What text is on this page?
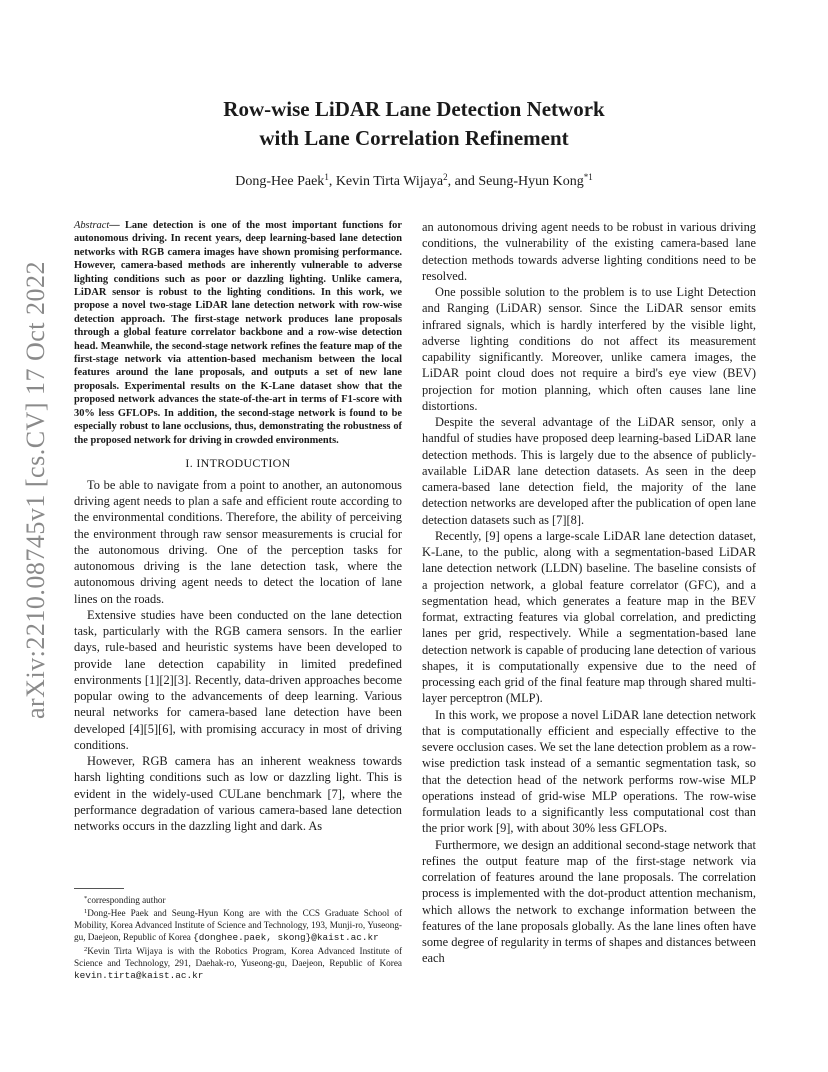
arXiv:2210.08745v1 [cs.CV] 17 Oct 2022
Row-wise LiDAR Lane Detection Network
with Lane Correlation Refinement
Dong-Hee Paek$^1$, Kevin Tirta Wijaya$^2$, and Seung-Hyun Kong$^{*1}$

Abstract— Lane detection is one of the most important functions for autonomous driving. In recent years, deep learning-based lane detection networks with RGB camera images have shown promising performance. However, camera-based methods are inherently vulnerable to adverse lighting conditions such as poor or dazzling lighting. Unlike camera, LiDAR sensor is robust to the lighting conditions. In this work, we propose a novel two-stage LiDAR lane detection network with row-wise detection approach. The first-stage network produces lane proposals through a global feature correlator backbone and a row-wise detection head. Meanwhile, the second-stage network refines the feature map of the first-stage network via attention-based mechanism between the local features around the lane proposals, and outputs a set of new lane proposals. Experimental results on the K-Lane dataset show that the proposed network advances the state-of-the-art in terms of F1-score with 30% less GFLOPs. In addition, the second-stage network is found to be especially robust to lane occlusions, thus, demonstrating the robustness of the proposed network for driving in crowded environments.

I. INTRODUCTION

To be able to navigate from a point to another, an autonomous driving agent needs to plan a safe and efficient route according to the environmental conditions. Therefore, the ability of perceiving the environment through raw sensor measurements is crucial for the autonomous driving. One of the perception tasks for autonomous driving is the lane detection task, where the autonomous driving agent needs to detect the location of lane lines on the roads.

Extensive studies have been conducted on the lane detection task, particularly with the RGB camera sensors. In the earlier days, rule-based and heuristic systems have been developed to provide lane detection capability in limited predefined environments [1][2][3]. Recently, data-driven approaches become popular owing to the advancements of deep learning. Various neural networks for camera-based lane detection have been developed [4][5][6], with promising accuracy in most of driving conditions.

However, RGB camera has an inherent weakness towards harsh lighting conditions such as low or dazzling light. This is evident in the widely-used CULane benchmark [7], where the performance degradation of various camera-based lane detection networks occurs in the dazzling light and dark. As

*corresponding author

$^1$Dong-Hee Paek and Seung-Hyun Kong are with the CCS Graduate School of Mobility, Korea Advanced Institute of Science and Technology, 193, Munji-ro, Yuseong-gu, Daejeon, Republic of Korea {donghee.paek, skong}@kaist.ac.kr

$^2$Kevin Tirta Wijaya is with the Robotics Program, Korea Advanced Institute of Science and Technology, 291, Daehak-ro, Yuseong-gu, Daejeon, Republic of Korea kevin.tirta@kaist.ac.kr

an autonomous driving agent needs to be robust in various driving conditions, the vulnerability of the existing camera-based lane detection methods towards adverse lighting conditions need to be resolved.

One possible solution to the problem is to use Light Detection and Ranging (LiDAR) sensor. Since the LiDAR sensor emits infrared signals, which is hardly interfered by the visible light, adverse lighting conditions do not affect its measurement capability significantly. Moreover, unlike camera images, the LiDAR point cloud does not require a bird's eye view (BEV) projection for motion planning, which often causes lane line distortions.

Despite the several advantage of the LiDAR sensor, only a handful of studies have proposed deep learning-based LiDAR lane detection methods. This is largely due to the absence of publicly-available LiDAR lane detection datasets. As seen in the deep camera-based lane detection field, the majority of the lane detection networks are developed after the publication of open lane detection datasets such as [7][8].

Recently, [9] opens a large-scale LiDAR lane detection dataset, K-Lane, to the public, along with a segmentation-based LiDAR lane detection network (LLDN) baseline. The baseline consists of a projection network, a global feature correlator (GFC), and a segmentation head, which generates a feature map in the BEV format, extracting features via global correlation, and predicting lanes per grid, respectively. While a segmentation-based lane detection network is capable of producing lane detection of various shapes, it is computationally expensive due to the need of processing each grid of the final feature map through shared multi-layer perceptron (MLP).

In this work, we propose a novel LiDAR lane detection network that is computationally efficient and especially effective to the severe occlusion cases. We set the lane detection problem as a row-wise prediction task instead of a semantic segmentation task, so that the detection head of the network performs row-wise MLP operations instead of grid-wise MLP operations. The row-wise formulation leads to a significantly less computational cost than the prior work [9], with about 30% less GFLOPs.

Furthermore, we design an additional second-stage network that refines the output feature map of the first-stage network via correlation of features around the lane proposals. The correlation process is implemented with the dot-product attention mechanism, which allows the network to exchange information between the features of the lane proposals globally. As the lane lines often have some degree of regularity in terms of shapes and distances between each
